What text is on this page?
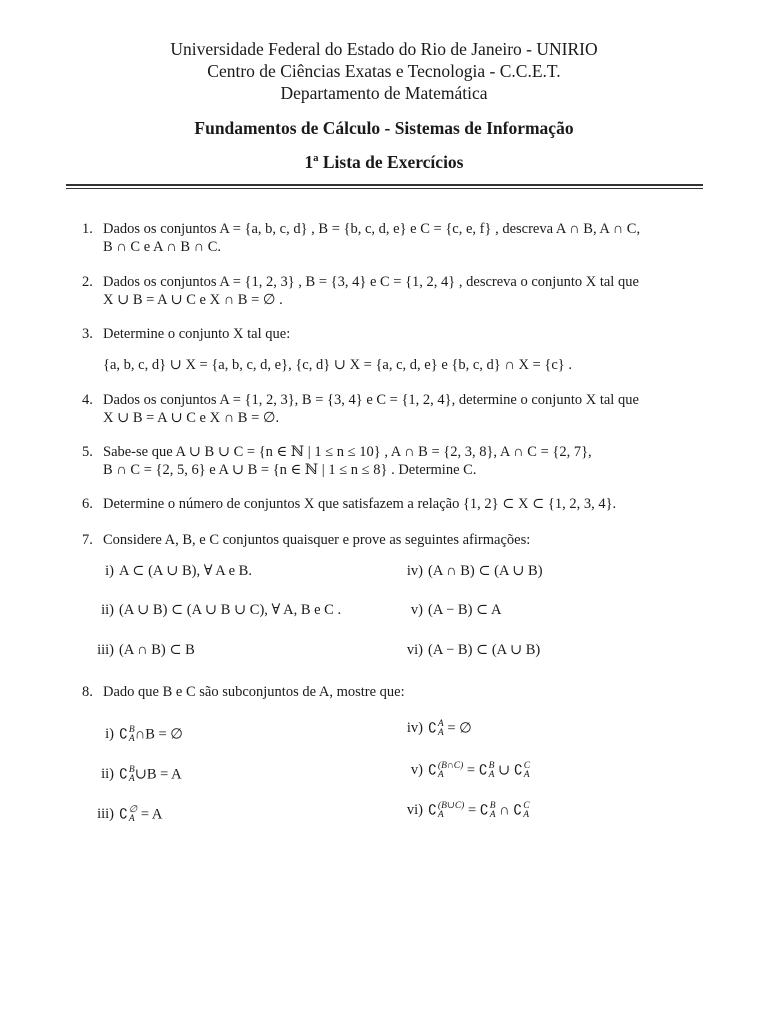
Universidade Federal do Estado do Rio de Janeiro - UNIRIO
Centro de Ciências Exatas e Tecnologia - C.C.E.T.
Departamento de Matemática
Fundamentos de Cálculo - Sistemas de Informação
1ª Lista de Exercícios
1. Dados os conjuntos A = {a, b, c, d} , B = {b, c, d, e} e C = {c, e, f} , descreva A ∩ B, A ∩ C,
B ∩ C e A ∩ B ∩ C.
2. Dados os conjuntos A = {1, 2, 3} , B = {3, 4} e C = {1, 2, 4} , descreva o conjunto X tal que
X ∪ B = A ∪ C e X ∩ B = ∅ .
3. Determine o conjunto X tal que:
{a, b, c, d} ∪ X = {a, b, c, d, e}, {c, d} ∪ X = {a, c, d, e} e {b, c, d} ∩ X = {c} .
4. Dados os conjuntos A = {1, 2, 3}, B = {3, 4} e C = {1, 2, 4}, determine o conjunto X tal que
X ∪ B = A ∪ C e X ∩ B = ∅.
5. Sabe-se que A ∪ B ∪ C = {n ∈ ℕ | 1 ≤ n ≤ 10} , A ∩ B = {2, 3, 8}, A ∩ C = {2, 7},
B ∩ C = {2, 5, 6} e A ∪ B = {n ∈ ℕ | 1 ≤ n ≤ 8} . Determine C.
6. Determine o número de conjuntos X que satisfazem a relação {1, 2} ⊂ X ⊂ {1, 2, 3, 4}.
7. Considere A, B, e C conjuntos quaisquer e prove as seguintes afirmações:
i) A ⊂ (A ∪ B), ∀ A e B.
ii) (A ∪ B) ⊂ (A ∪ B ∪ C), ∀ A, B e C .
iii) (A ∩ B) ⊂ B
iv) (A ∩ B) ⊂ (A ∪ B)
v) (A − B) ⊂ A
vi) (A − B) ⊂ (A ∪ B)
8. Dado que B e C são subconjuntos de A, mostre que:
i) ∁ B
A ∩B = ∅
ii) ∁ B
A ∪B = A
iii) ∁ ∅
A = A
iv) ∁ A
A = ∅
v) ∁ (B∩C)
A	= ∁ B
A ∪ ∁ C
A
vi) ∁ (B∪C)
A	= ∁ B
A ∩ ∁ C
A
